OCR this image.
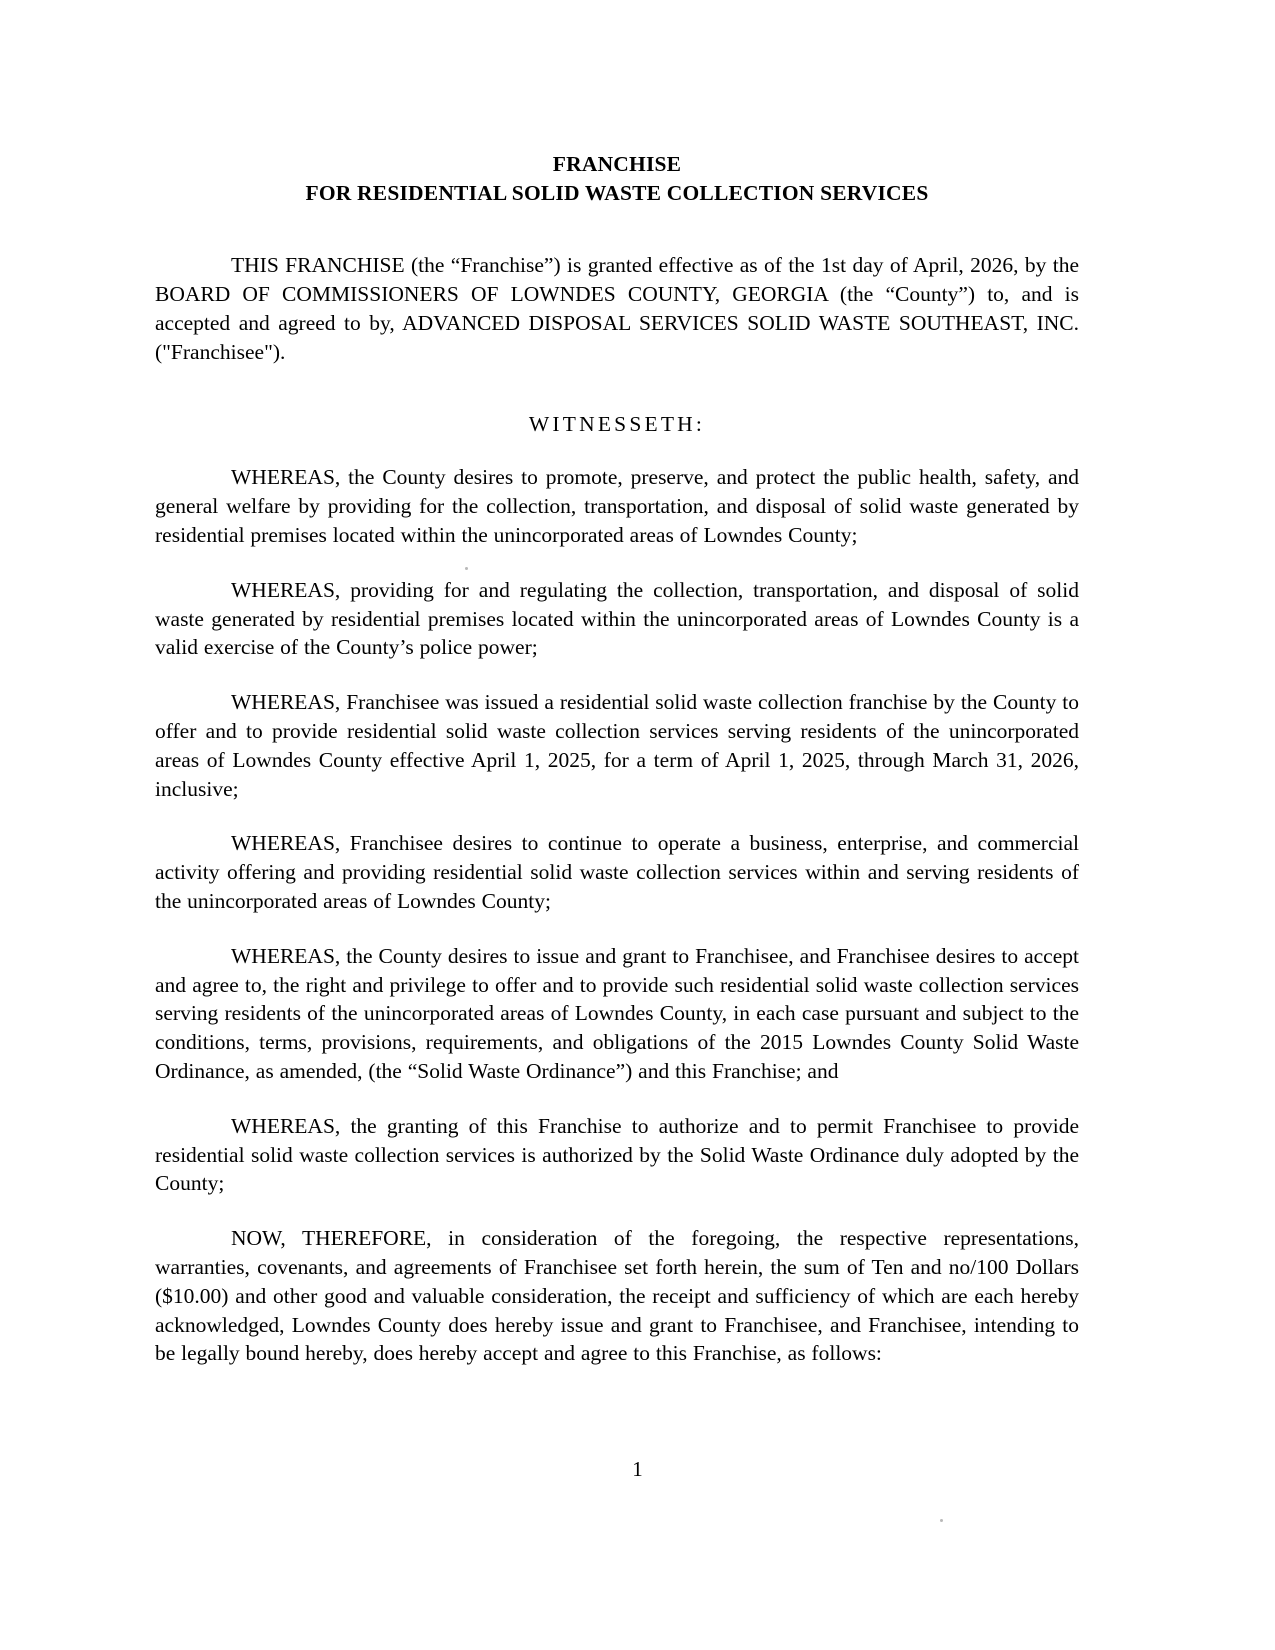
FRANCHISE
FOR RESIDENTIAL SOLID WASTE COLLECTION SERVICES

THIS FRANCHISE (the “Franchise”) is granted effective as of the 1st day of April, 2026, by the BOARD OF COMMISSIONERS OF LOWNDES COUNTY, GEORGIA (the “County”) to, and is accepted and agreed to by, ADVANCED DISPOSAL SERVICES SOLID WASTE SOUTHEAST, INC. ("Franchisee").

WITNESSETH:

WHEREAS, the County desires to promote, preserve, and protect the public health, safety, and general welfare by providing for the collection, transportation, and disposal of solid waste generated by residential premises located within the unincorporated areas of Lowndes County;

WHEREAS, providing for and regulating the collection, transportation, and disposal of solid waste generated by residential premises located within the unincorporated areas of Lowndes County is a valid exercise of the County’s police power;

WHEREAS, Franchisee was issued a residential solid waste collection franchise by the County to offer and to provide residential solid waste collection services serving residents of the unincorporated areas of Lowndes County effective April 1, 2025, for a term of April 1, 2025, through March 31, 2026, inclusive;

WHEREAS, Franchisee desires to continue to operate a business, enterprise, and commercial activity offering and providing residential solid waste collection services within and serving residents of the unincorporated areas of Lowndes County;

WHEREAS, the County desires to issue and grant to Franchisee, and Franchisee desires to accept and agree to, the right and privilege to offer and to provide such residential solid waste collection services serving residents of the unincorporated areas of Lowndes County, in each case pursuant and subject to the conditions, terms, provisions, requirements, and obligations of the 2015 Lowndes County Solid Waste Ordinance, as amended, (the “Solid Waste Ordinance”) and this Franchise; and

WHEREAS, the granting of this Franchise to authorize and to permit Franchisee to provide residential solid waste collection services is authorized by the Solid Waste Ordinance duly adopted by the County;

NOW, THEREFORE, in consideration of the foregoing, the respective representations, warranties, covenants, and agreements of Franchisee set forth herein, the sum of Ten and no/100 Dollars ($10.00) and other good and valuable consideration, the receipt and sufficiency of which are each hereby acknowledged, Lowndes County does hereby issue and grant to Franchisee, and Franchisee, intending to be legally bound hereby, does hereby accept and agree to this Franchise, as follows:

1
